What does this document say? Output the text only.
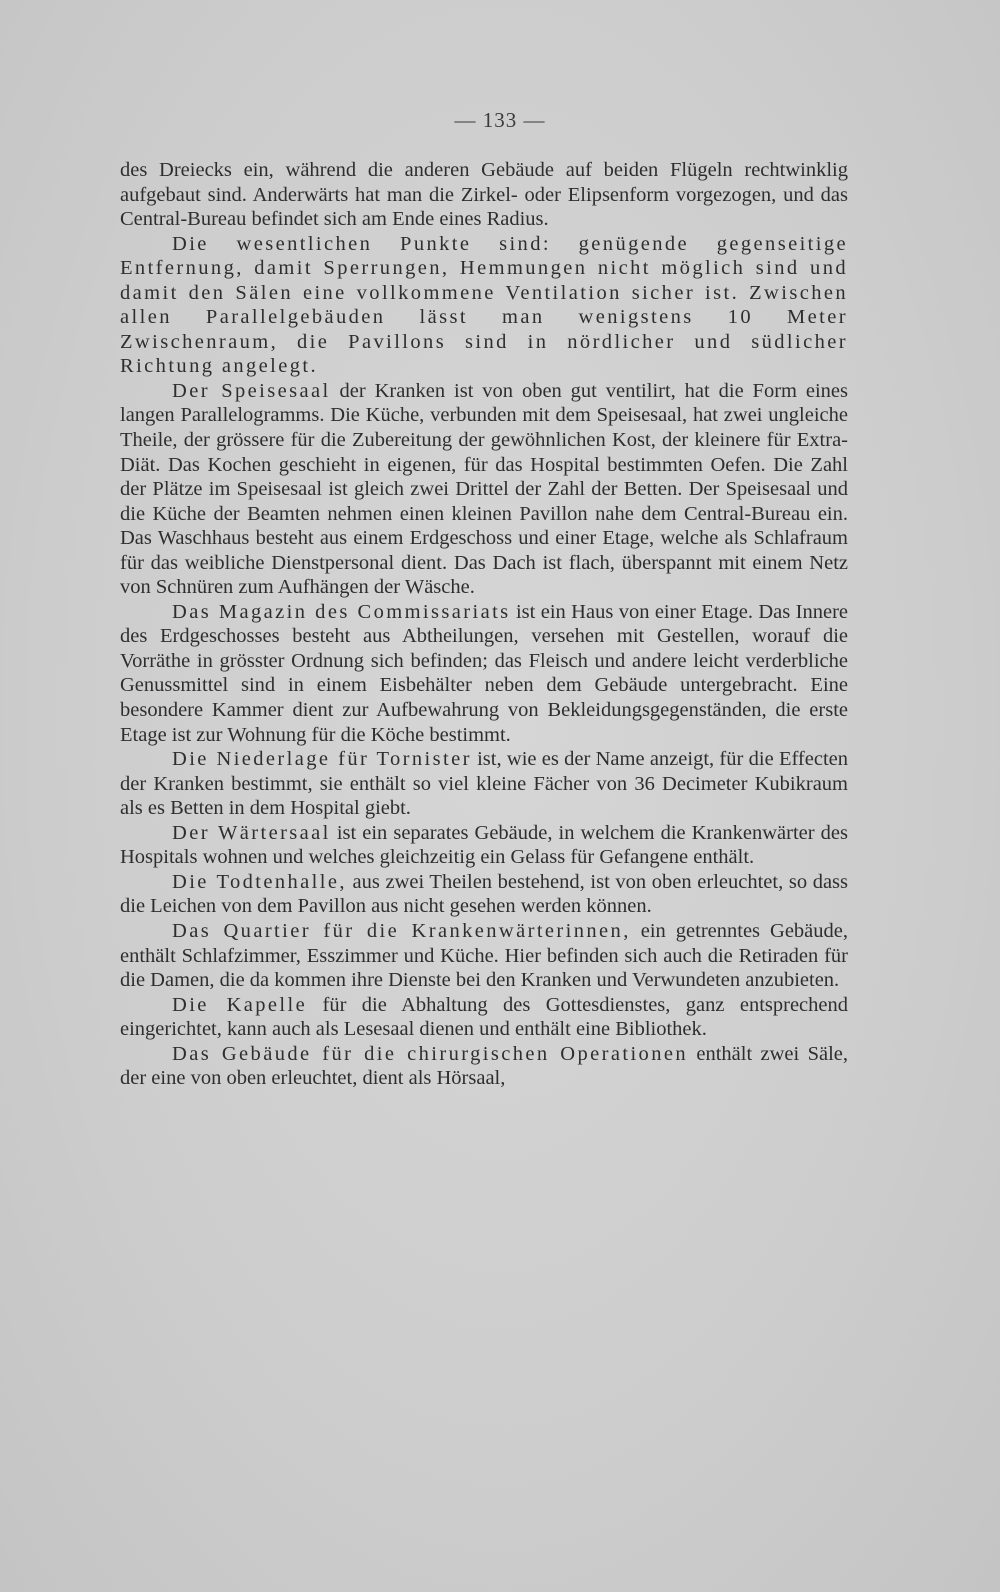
— 133 —

des Dreiecks ein, während die anderen Gebäude auf beiden Flügeln rechtwinklig aufgebaut sind. Anderwärts hat man die Zirkel- oder Elipsenform vorgezogen, und das Central-Bureau befindet sich am Ende eines Radius.

Die wesentlichen Punkte sind: genügende gegenseitige Entfernung, damit Sperrungen, Hemmungen nicht möglich sind und damit den Sälen eine vollkommene Ventilation sicher ist. Zwischen allen Parallelgebäuden lässt man wenigstens 10 Meter Zwischenraum, die Pavillons sind in nördlicher und südlicher Richtung angelegt.

Der Speisesaal der Kranken ist von oben gut ventilirt, hat die Form eines langen Parallelogramms. Die Küche, verbunden mit dem Speisesaal, hat zwei ungleiche Theile, der grössere für die Zubereitung der gewöhnlichen Kost, der kleinere für Extra-Diät. Das Kochen geschieht in eigenen, für das Hospital bestimmten Oefen. Die Zahl der Plätze im Speisesaal ist gleich zwei Drittel der Zahl der Betten. Der Speisesaal und die Küche der Beamten nehmen einen kleinen Pavillon nahe dem Central-Bureau ein. Das Waschhaus besteht aus einem Erdgeschoss und einer Etage, welche als Schlafraum für das weibliche Dienstpersonal dient. Das Dach ist flach, überspannt mit einem Netz von Schnüren zum Aufhängen der Wäsche.

Das Magazin des Commissariats ist ein Haus von einer Etage. Das Innere des Erdgeschosses besteht aus Abtheilungen, versehen mit Gestellen, worauf die Vorräthe in grösster Ordnung sich befinden; das Fleisch und andere leicht verderbliche Genussmittel sind in einem Eisbehälter neben dem Gebäude untergebracht. Eine besondere Kammer dient zur Aufbewahrung von Bekleidungsgegenständen, die erste Etage ist zur Wohnung für die Köche bestimmt.

Die Niederlage für Tornister ist, wie es der Name anzeigt, für die Effecten der Kranken bestimmt, sie enthält so viel kleine Fächer von 36 Decimeter Kubikraum als es Betten in dem Hospital giebt.

Der Wärtersaal ist ein separates Gebäude, in welchem die Krankenwärter des Hospitals wohnen und welches gleichzeitig ein Gelass für Gefangene enthält.

Die Todtenhalle, aus zwei Theilen bestehend, ist von oben erleuchtet, so dass die Leichen von dem Pavillon aus nicht gesehen werden können.

Das Quartier für die Krankenwärterinnen, ein getrenntes Gebäude, enthält Schlafzimmer, Esszimmer und Küche. Hier befinden sich auch die Retiraden für die Damen, die da kommen ihre Dienste bei den Kranken und Verwundeten anzubieten.

Die Kapelle für die Abhaltung des Gottesdienstes, ganz entsprechend eingerichtet, kann auch als Lesesaal dienen und enthält eine Bibliothek.

Das Gebäude für die chirurgischen Operationen enthält zwei Säle, der eine von oben erleuchtet, dient als Hörsaal,
